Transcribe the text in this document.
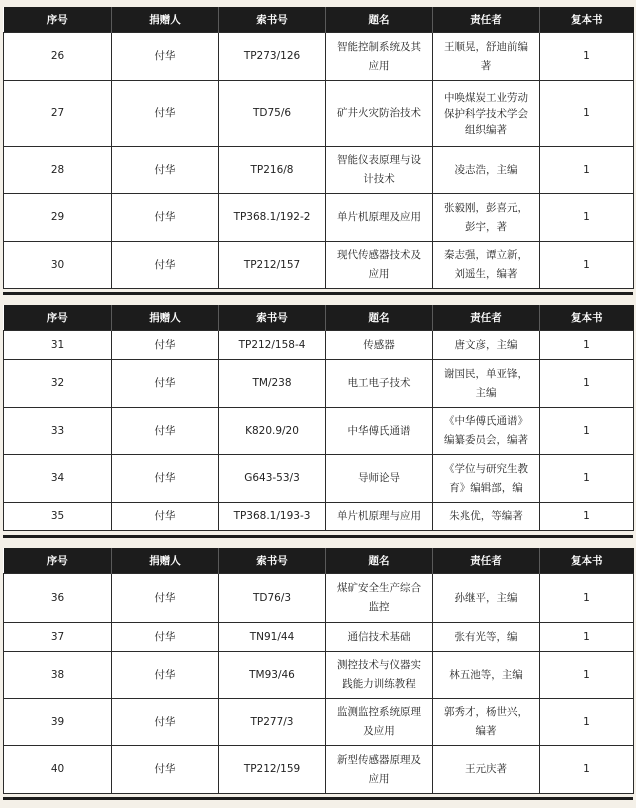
序号	捐赠人	索书号	题名	责任者	复本书
26	付华	TP273/126	智能控制系统及其应用	王顺晃，舒迪前编著	1
27	付华	TD75/6	矿井火灾防治技术	中唤煤炭工业劳动保护科学技术学会组织编著	1
28	付华	TP216/8	智能仪表原理与设计技术	凌志浩，主编	1
29	付华	TP368.1/192-2	单片机原理及应用	张毅刚，彭喜元，彭宇，著	1
30	付华	TP212/157	现代传感器技术及应用	秦志强，谭立新，刘遥生，编著	1
序号	捐赠人	索书号	题名	责任者	复本书
31	付华	TP212/158-4	传感器	唐文彦，主编	1
32	付华	TM/238	电工电子技术	谢国民，单亚锋，主编	1
33	付华	K820.9/20	中华傅氏通谱	《中华傅氏通谱》编纂委员会，编著	1
34	付华	G643-53/3	导师论导	《学位与研究生教育》编辑部，编	1
35	付华	TP368.1/193-3	单片机原理与应用	朱兆优，等编著	1
序号	捐赠人	索书号	题名	责任者	复本书
36	付华	TD76/3	煤矿安全生产综合监控	孙继平，主编	1
37	付华	TN91/44	通信技术基础	张有光等，编	1
38	付华	TM93/46	测控技术与仪器实践能力训练教程	林五池等，主编	1
39	付华	TP277/3	监测监控系统原理及应用	郭秀才，杨世兴，编著	1
40	付华	TP212/159	新型传感器原理及应用	王元庆著	1
